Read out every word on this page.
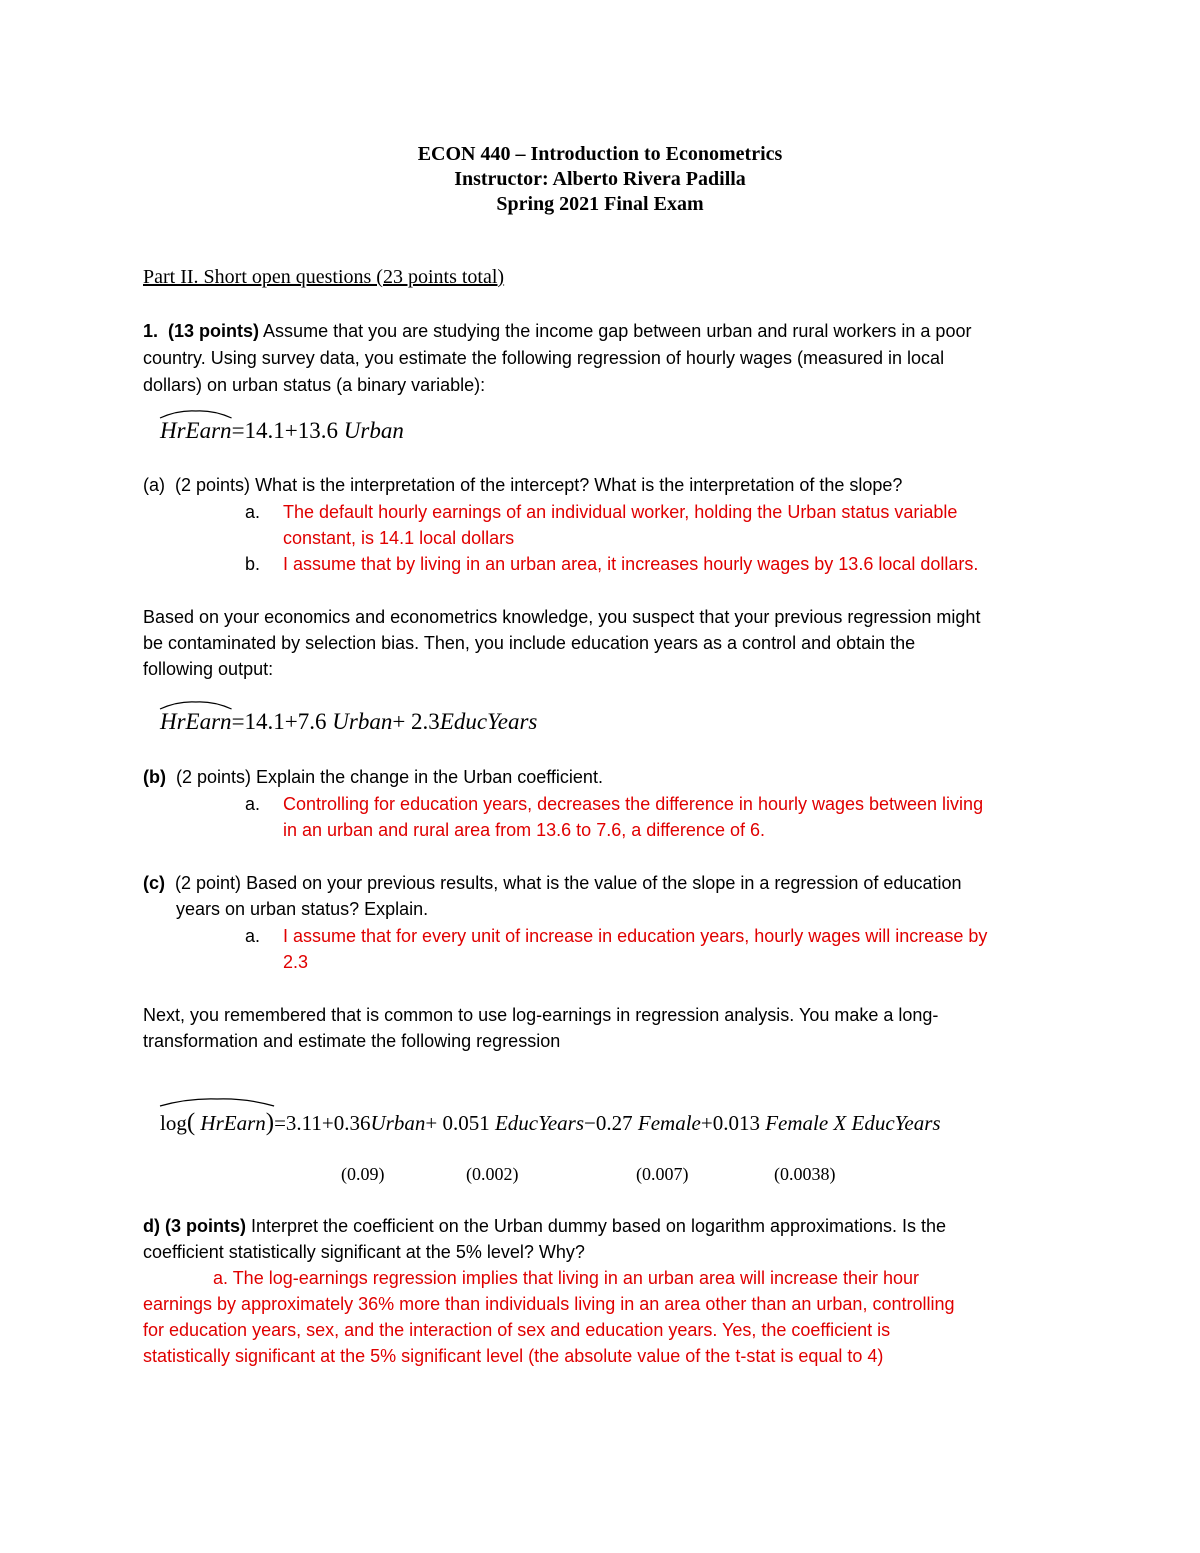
ECON 440 – Introduction to Econometrics
Instructor: Alberto Rivera Padilla
Spring 2021 Final Exam
Part II. Short open questions (23 points total)
1. (13 points) Assume that you are studying the income gap between urban and rural workers in a poor
country. Using survey data, you estimate the following regression of hourly wages (measured in local
dollars) on urban status (a binary variable):
HrEarn
=14.1+13.6 Urban
(a) (2 points) What is the interpretation of the intercept? What is the interpretation of the slope?
a. The default hourly earnings of an individual worker, holding the Urban status variable
constant, is 14.1 local dollars
b. I assume that by living in an urban area, it increases hourly wages by 13.6 local dollars.
Based on your economics and econometrics knowledge, you suspect that your previous regression might
be contaminated by selection bias. Then, you include education years as a control and obtain the
following output:
HrEarn
=14.1+7.6 Urban+ 2.3EducYears
(b) (2 points) Explain the change in the Urban coefficient.
a. Controlling for education years, decreases the difference in hourly wages between living
in an urban and rural area from 13.6 to 7.6, a difference of 6.
(c) (2 point) Based on your previous results, what is the value of the slope in a regression of education
years on urban status? Explain.
a. I assume that for every unit of increase in education years, hourly wages will increase by
2.3
Next, you remembered that is common to use log-earnings in regression analysis. You make a long-
transformation and estimate the following regression
log( HrEarn)
=3.11+0.36Urban+ 0.051 EducYears−0.27 Female+0.013 Female X EducYears
(0.09)	(0.002)	(0.007)	(0.0038)
d) (3 points) Interpret the coefficient on the Urban dummy based on logarithm approximations. Is the
coefficient statistically significant at the 5% level? Why?
a. The log-earnings regression implies that living in an urban area will increase their hour
earnings by approximately 36% more than individuals living in an area other than an urban, controlling
for education years, sex, and the interaction of sex and education years. Yes, the coefficient is
statistically significant at the 5% significant level (the absolute value of the t-stat is equal to 4)
